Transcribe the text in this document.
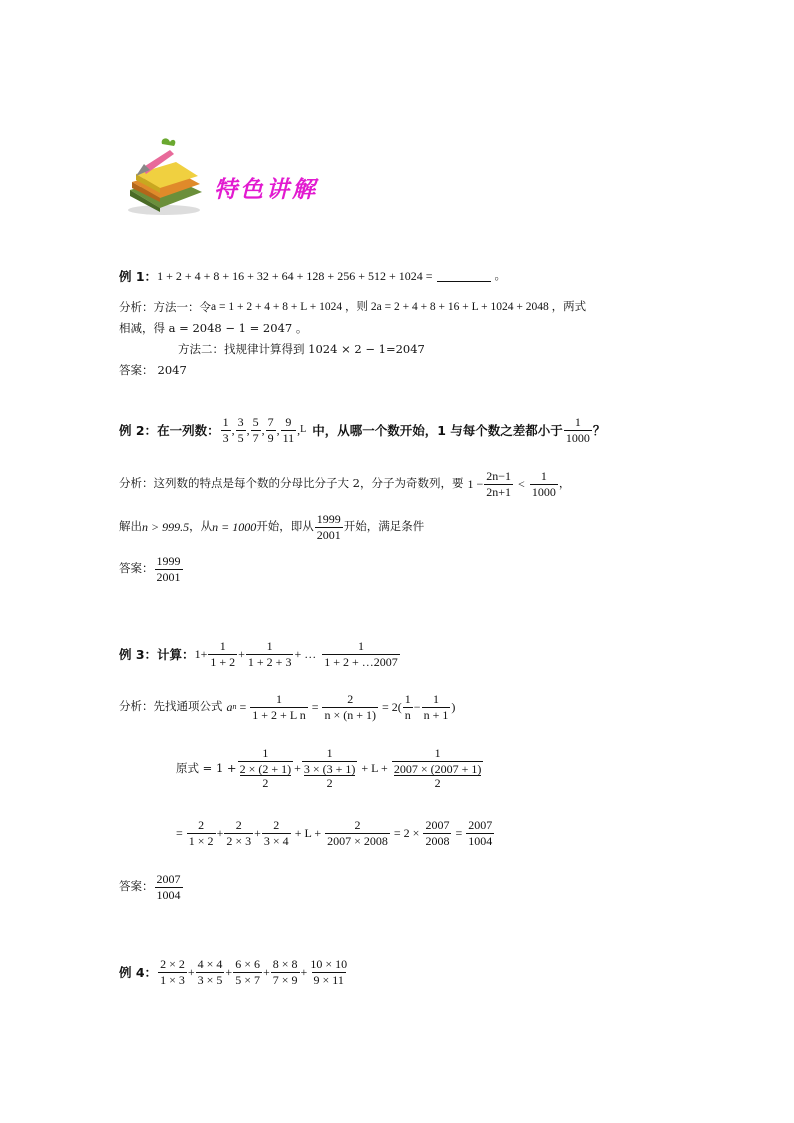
特色讲解
例 1： 1 + 2 + 4 + 8 + 16 + 32 + 64 + 128 + 256 + 512 + 1024 =	。
分析：方法一：令 a = 1 + 2 + 4 + 8 + L + 1024 ，则 2a = 2 + 4 + 8 + 16 + L + 1024 + 2048 ，两式
相减，得 a = 2048 − 1 = 2047 。
方法二：找规律计算得到 1024 × 2 − 1=2047
答案： 2047
例 2： 在一列数：
1
3
,
3
5
,
5
7
,
7
9
,
9
11
, L 中，从哪一个数开始，1 与每个数之差都小于
1
1000 ？
分析：这列数的特点是每个数的分母比分子大 2，分子为奇数列，要 $1 - \frac{2n-1}{2n+1}$ <
1
1000
，
解出 n > 999.5 ，从 n = 1000 开始，即从
1999
2001
开始，满足条件
答案：
1999
2001
例 3：计算： $1+ \frac{1}{1 + 2} + \frac{1}{1 + 2 + 3}$ + …
1
1 + 2 + …2007
分析：先找通项公式 a $n = \frac{1}{\text{1 + 2 + L n}} = \frac{2}{n \times (n + 1)} = 2$(
1
n
− $\frac{1}{n + 1}$ )
原式 = 1 + 1
2 × (2 + 1)
2 + 1
3 × (3 + 1)
2 + L + 1
2007 × (2007 + 1)
2
= $\frac{2}{1 \times 2} + \frac{2}{2 \times 3} + \frac{2}{3 \times 4} + L + \frac{2}{2007 \times 2008} = 2 \times \frac{2007}{2008} = \frac{2007}{1004}$
答案：
2007
1004
例 4：
2 × 2
1 × 3
+ $\frac{4 \times 4}{3 \times 5} + \frac{6 \times 6}{5 \times 7} + \frac{8 \times 8}{7 \times 9} + \frac{10 \times 10}{9 \times 11}$
